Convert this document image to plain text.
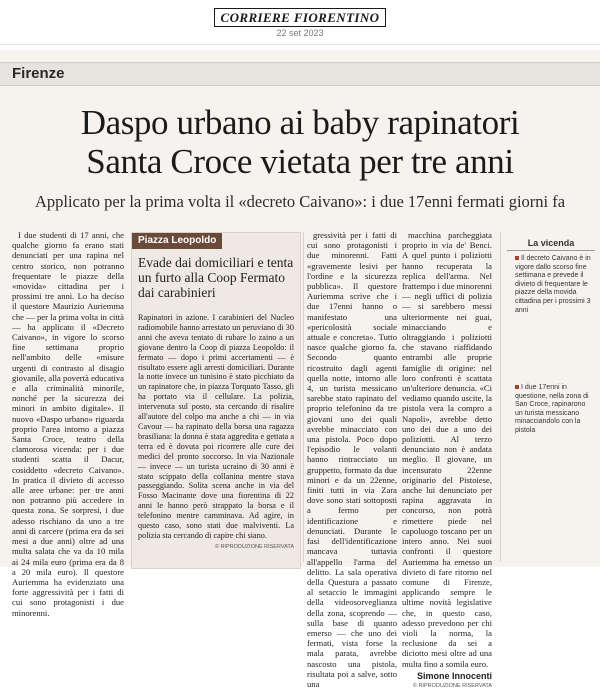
CORRIERE FIORENTINO
22 set 2023
Firenze
Daspo urbano ai baby rapinatori
Santa Croce vietata per tre anni
Applicato per la prima volta il «decreto Caivano»: i due 17enni fermati giorni fa

I due studenti di 17 anni, che qualche giorno fa erano stati denunciati per una rapina nel centro storico, non potranno frequentare le piazze della «movida» cittadina per i prossimi tre anni. Lo ha deciso il questore Maurizio Auriemma che — per la prima volta in città — ha applicato il «Decreto Caivano», in vigore lo scorso fine settimana proprio nell'ambito delle «misure urgenti di contrasto al disagio giovanile, alla povertà educativa e alla criminalità minorile, nonché per la sicurezza dei minori in ambito digitale». Il nuovo «Daspo urbano» riguarda proprio l'area intorno a piazza Santa Croce, teatro della clamorosa vicenda: per i due studenti scatta il Dacur, cosiddetto «decreto Caivano». In pratica il divieto di accesso alle aree urbane: per tre anni non potranno più accedere in questa zona. Se sorpresi, i due adesso rischiano da uno a tre anni di carcere (prima era da sei mesi a due anni) oltre ad una multa salata che va da 10 mila ai 24 mila euro (prima era da 8 a 20 mila euro). Il questore Auriemma ha evidenziato una forte aggressività per i fatti di cui sono protagonisti i due minorenni.

Piazza Leopoldo
Evade dai domiciliari e tenta un furto alla Coop Fermato dai carabinieri
Rapinatori in azione. I carabinieri del Nucleo radiomobile hanno arrestato un peruviano di 30 anni che aveva tentato di rubare lo zaino a un giovane dentro la Coop di piazza Leopoldo: il fermato — dopo i primi accertamenti — è risultato essere agli arresti domiciliari. Durante la notte invece un tunisino è stato picchiato da un rapinatore che, in piazza Torquato Tasso, gli ha portato via il cellulare. La polizia, intervenuta sul posto, sta cercando di risalire all'autore del colpo ma anche a chi — in via Cavour — ha rapinato della borsa una ragazza brasiliana: la donna è stata aggredita e gettata a terra ed è dovuta poi ricorrere alle cure dei medici del pronto soccorso. In via Nazionale — invece — un turista ucraino di 30 anni è stato scippato della collanina mentre stava passeggiando. Solita scena anche in via del Fosso Macinante dove una fiorentina di 22 anni le hanno però strappato la borsa e il telefonino mentre camminava. Ad agire, in questo caso, sono stati due malviventi. La polizia sta cercando di capire chi siano.
© RIPRODUZIONE RISERVATA

gressività per i fatti di cui sono protagonisti i due minorenni. Fatti «gravemente lesivi per l'ordine e la sicurezza pubblica». Il questore Auriemma scrive che i due 17enni hanno o manifestato una «pericolosità sociale attuale e concreta». Tutto nasce qualche giorno fa. Secondo quanto ricostruito dagli agenti quella notte, intorno alle 4, un turista messicano sarebbe stato rapinato del proprio telefonino da tre giovani uno dei quali avrebbe minacciato con una pistola. Poco dopo l'episodio le volanti hanno rintracciato un gruppetto, formato da due minori e da un 22enne, finiti tutti in via Zara dove sono stati sottoposti a fermo per identificazione e denunciati. Durante le fasi dell'identificazione mancava tuttavia all'appello l'arma del delitto. La sala operativa della Questura a passato al setaccio le immagini della videosorveglianza della zona, scoprendo — sulla base di quanto emerso — che uno dei fermati, vista forse la mala parata, avrebbe nascosto una pistola, risultata poi a salve, sotto una

macchina parcheggiata proprio in via de' Benci. A quel punto i poliziotti hanno recuperata la replica dell'arma. Nel frattempo i due minorenni — negli uffici di polizia — si sarebbero messi ulteriormente nei guai, minacciando e oltraggiando i poliziotti che stavano riaffidando entrambi alle proprie famiglie di origine: nel loro confronti è scattata un'ulteriore denuncia. «Ci vediamo quando uscite, la pistola vera la compro a Napoli», avrebbe detto uno dei due a uno dei poliziotti. Al terzo denunciato non è andata meglio. Il giovane, un incensurato 22enne originario del Pistoiese, anche lui denunciato per rapina aggravata in concorso, non potrà rimettere piede nel capoluogo toscano per un intero anno. Nei suoi confronti il questore Auriemma ha emesso un divieto di fare ritorno nel comune di Firenze, applicando sempre le ultime novità legislative che, in questo caso, adesso prevedono per chi violi la norma, la reclusione da sei a diciotto mesi oltre ad una multa fino a somila euro.

Simone Innocenti
© RIPRODUZIONE RISERVATA
La vicenda
Il decreto Caivano è in vigore dallo scorso fine settimana e prevede il divieto di frequentare le piazze della movida cittadina per i prossimi 3 anni
I due 17enni in questione, nella zona di San Croce, rapinarono un turista messicano minacciandolo con la pistola
